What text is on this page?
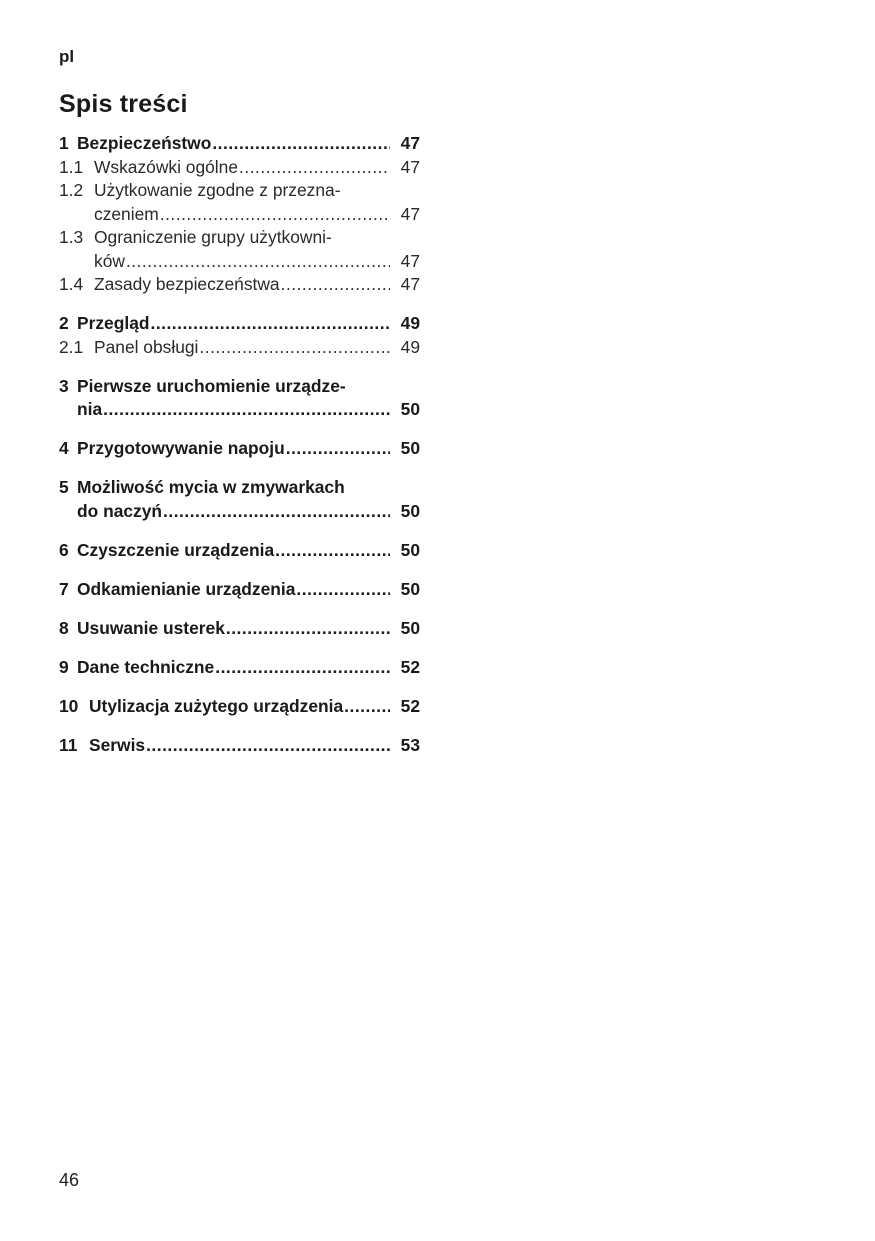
pl
Spis treści
1 Bezpieczeństwo .....	47
1.1 Wskazówki ogólne .....	47
1.2 Użytkowanie zgodne z przezna-
czeniem .....	47
1.3 Ograniczenie grupy użytkowni-
ków .....	47
1.4 Zasady bezpieczeństwa .....	47
2 Przegląd .....	49
2.1 Panel obsługi .....	49
3 Pierwsze uruchomienie urządze-
nia .....	50
4 Przygotowywanie napoju .....	50
5 Możliwość mycia w zmywarkach
do naczyń .....	50
6 Czyszczenie urządzenia .....	50
7 Odkamienianie urządzenia .....	50
8 Usuwanie usterek .....	50
9 Dane techniczne .....	52
10 Utylizacja zużytego urządzenia .....	52
11 Serwis .....	53
46
